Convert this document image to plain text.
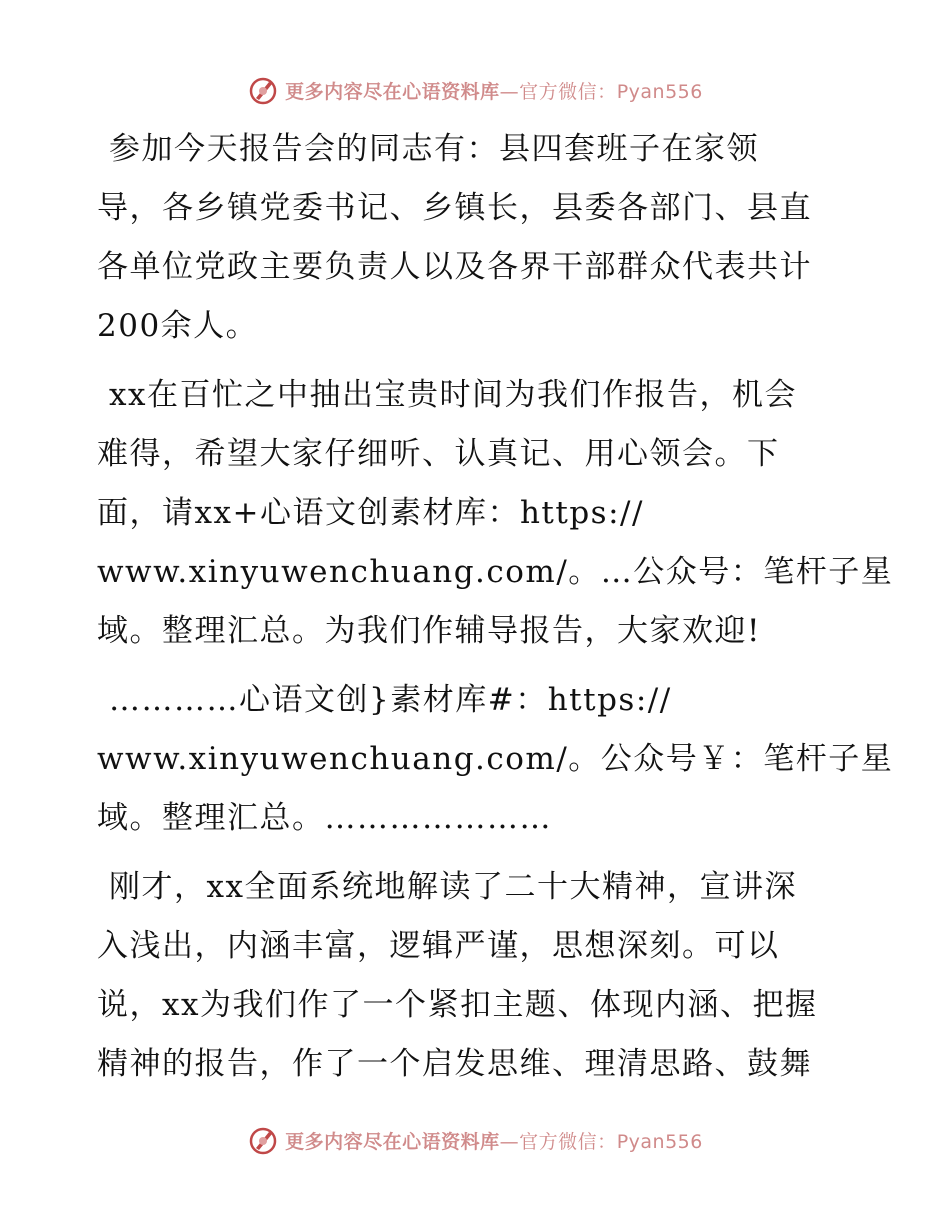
更多内容尽在心语资料库—官方微信：Pyan556

参加今天报告会的同志有：县四套班子在家领
导，各乡镇党委书记、乡镇长，县委各部门、县直
各单位党政主要负责人以及各界干部群众代表共计
200余人。

xx在百忙之中抽出宝贵时间为我们作报告，机会
难得，希望大家仔细听、认真记、用心领会。下
面，请xx+心语文创素材库：https://
www.xinyuwenchuang.com/。…公众号：笔杆子星
域。整理汇总。为我们作辅导报告，大家欢迎!

…………心语文创}素材库#：https://
www.xinyuwenchuang.com/。公众号￥：笔杆子星
域。整理汇总。…………………

刚才，xx全面系统地解读了二十大精神，宣讲深
入浅出，内涵丰富，逻辑严谨，思想深刻。可以
说，xx为我们作了一个紧扣主题、体现内涵、把握
精神的报告，作了一个启发思维、理清思路、鼓舞

更多内容尽在心语资料库—官方微信：Pyan556
